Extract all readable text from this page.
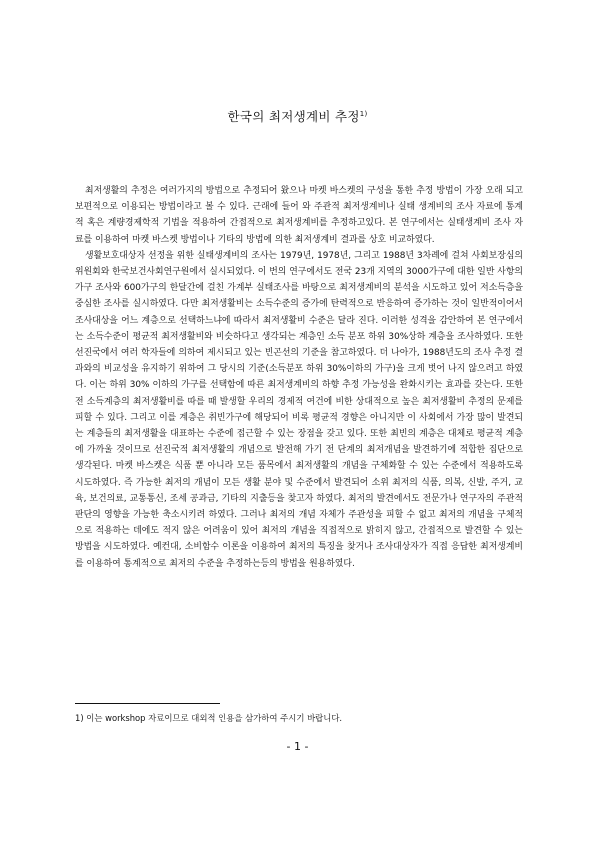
한국의 최저생계비 추정$^{1)}$

최저생활의 추정은 여러가지의 방법으로 추정되어 왔으나 마켓 바스켓의 구성을 통한 추정 방법이 가장 오래 되고 보편적으로 이용되는 방법이라고 볼 수 있다. 근래에 들어 와 주관적 최저생계비나 실태 생계비의 조사 자료에 통계적 혹은 계량경제학적 기법을 적용하여 간접적으로 최저생계비를 추정하고있다. 본 연구에서는 실태생계비 조사 자료를 이용하여 마켓 바스켓 방법이나 기타의 방법에 의한 최저생계비 결과를 상호 비교하였다.

생활보호대상자 선정을 위한 실태생계비의 조사는 1979년, 1978년, 그리고 1988년 3차례에 걸쳐 사회보장심의위원회와 한국보건사회연구원에서 실시되었다. 이 번의 연구에서도 전국 23개 지역의 3000가구에 대한 일반 사항의 가구 조사와 600가구의 한달간에 걸친 가계부 실태조사를 바탕으로 최저생계비의 분석을 시도하고 있어 저소득층을 중심한 조사를 실시하였다. 다만 최저생활비는 소득수준의 증가에 탄력적으로 반응하여 증가하는 것이 일반적이어서 조사대상을 어느 계층으로 선택하느냐에 따라서 최저생활비 수준은 달라 진다. 이러한 성격을 감안하여 본 연구에서는 소득수준이 평균적 최저생활비와 비슷하다고 생각되는 계층인 소득 분포 하위 30%상하 계층을 조사하였다. 또한 선진국에서 여러 학자들에 의하여 제시되고 있는 빈곤선의 기준을 참고하였다. 더 나아가, 1988년도의 조사 추정 결과와의 비교성을 유지하기 위하여 그 당시의 기준(소득분포 하위 30%이하의 가구)을 크게 벗어 나지 않으려고 하였다. 이는 하위 30% 이하의 가구를 선택함에 따른 최저생계비의 하향 추정 가능성을 완화시키는 효과를 갖는다. 또한 전 소득계층의 최저생활비를 따를 때 발생할 우리의 경제적 여건에 비한 상대적으로 높은 최저생활비 추정의 문제를 피할 수 있다. 그리고 이를 계층은 취빈가구에 해당되어 비록 평균적 경향은 아니지만 이 사회에서 가장 많이 발견되는 계층들의 최저생활을 대표하는 수준에 접근할 수 있는 장점을 갖고 있다. 또한 최빈의 계층은 대체로 평균적 계층에 가까울 것이므로 선진국적 최저생활의 개념으로 발전해 가기 전 단계의 최저개념을 발견하기에 적합한 집단으로 생각된다. 마켓 바스켓은 식품 뿐 아니라 모든 품목에서 최저생활의 개념을 구체화할 수 있는 수준에서 적용하도록 시도하였다. 즉 가능한 최저의 개념이 모든 생활 분야 및 수준에서 발견되어 소위 최저의 식품, 의복, 신발, 주거, 교육, 보건의료, 교통통신, 조세 공과금, 기타의 지출등을 찾고자 하였다. 최저의 발견에서도 전문가나 연구자의 주관적 판단의 영향을 가능한 축소시키려 하였다. 그러나 최저의 개념 자체가 주관성을 피할 수 없고 최저의 개념을 구체적으로 적용하는 데에도 적지 않은 어려움이 있어 최저의 개념을 직접적으로 밝히지 않고, 간접적으로 발견할 수 있는 방법을 시도하였다. 예컨대, 소비함수 이론을 이용하여 최저의 특징을 찾거나 조사대상자가 직접 응답한 최저생계비를 이용하여 통계적으로 최저의 수준을 추정하는등의 방법을 원용하였다.

1) 이는 workshop 자료이므로 대외적 인용을 삼가하여 주시기 바랍니다.

- 1 -
